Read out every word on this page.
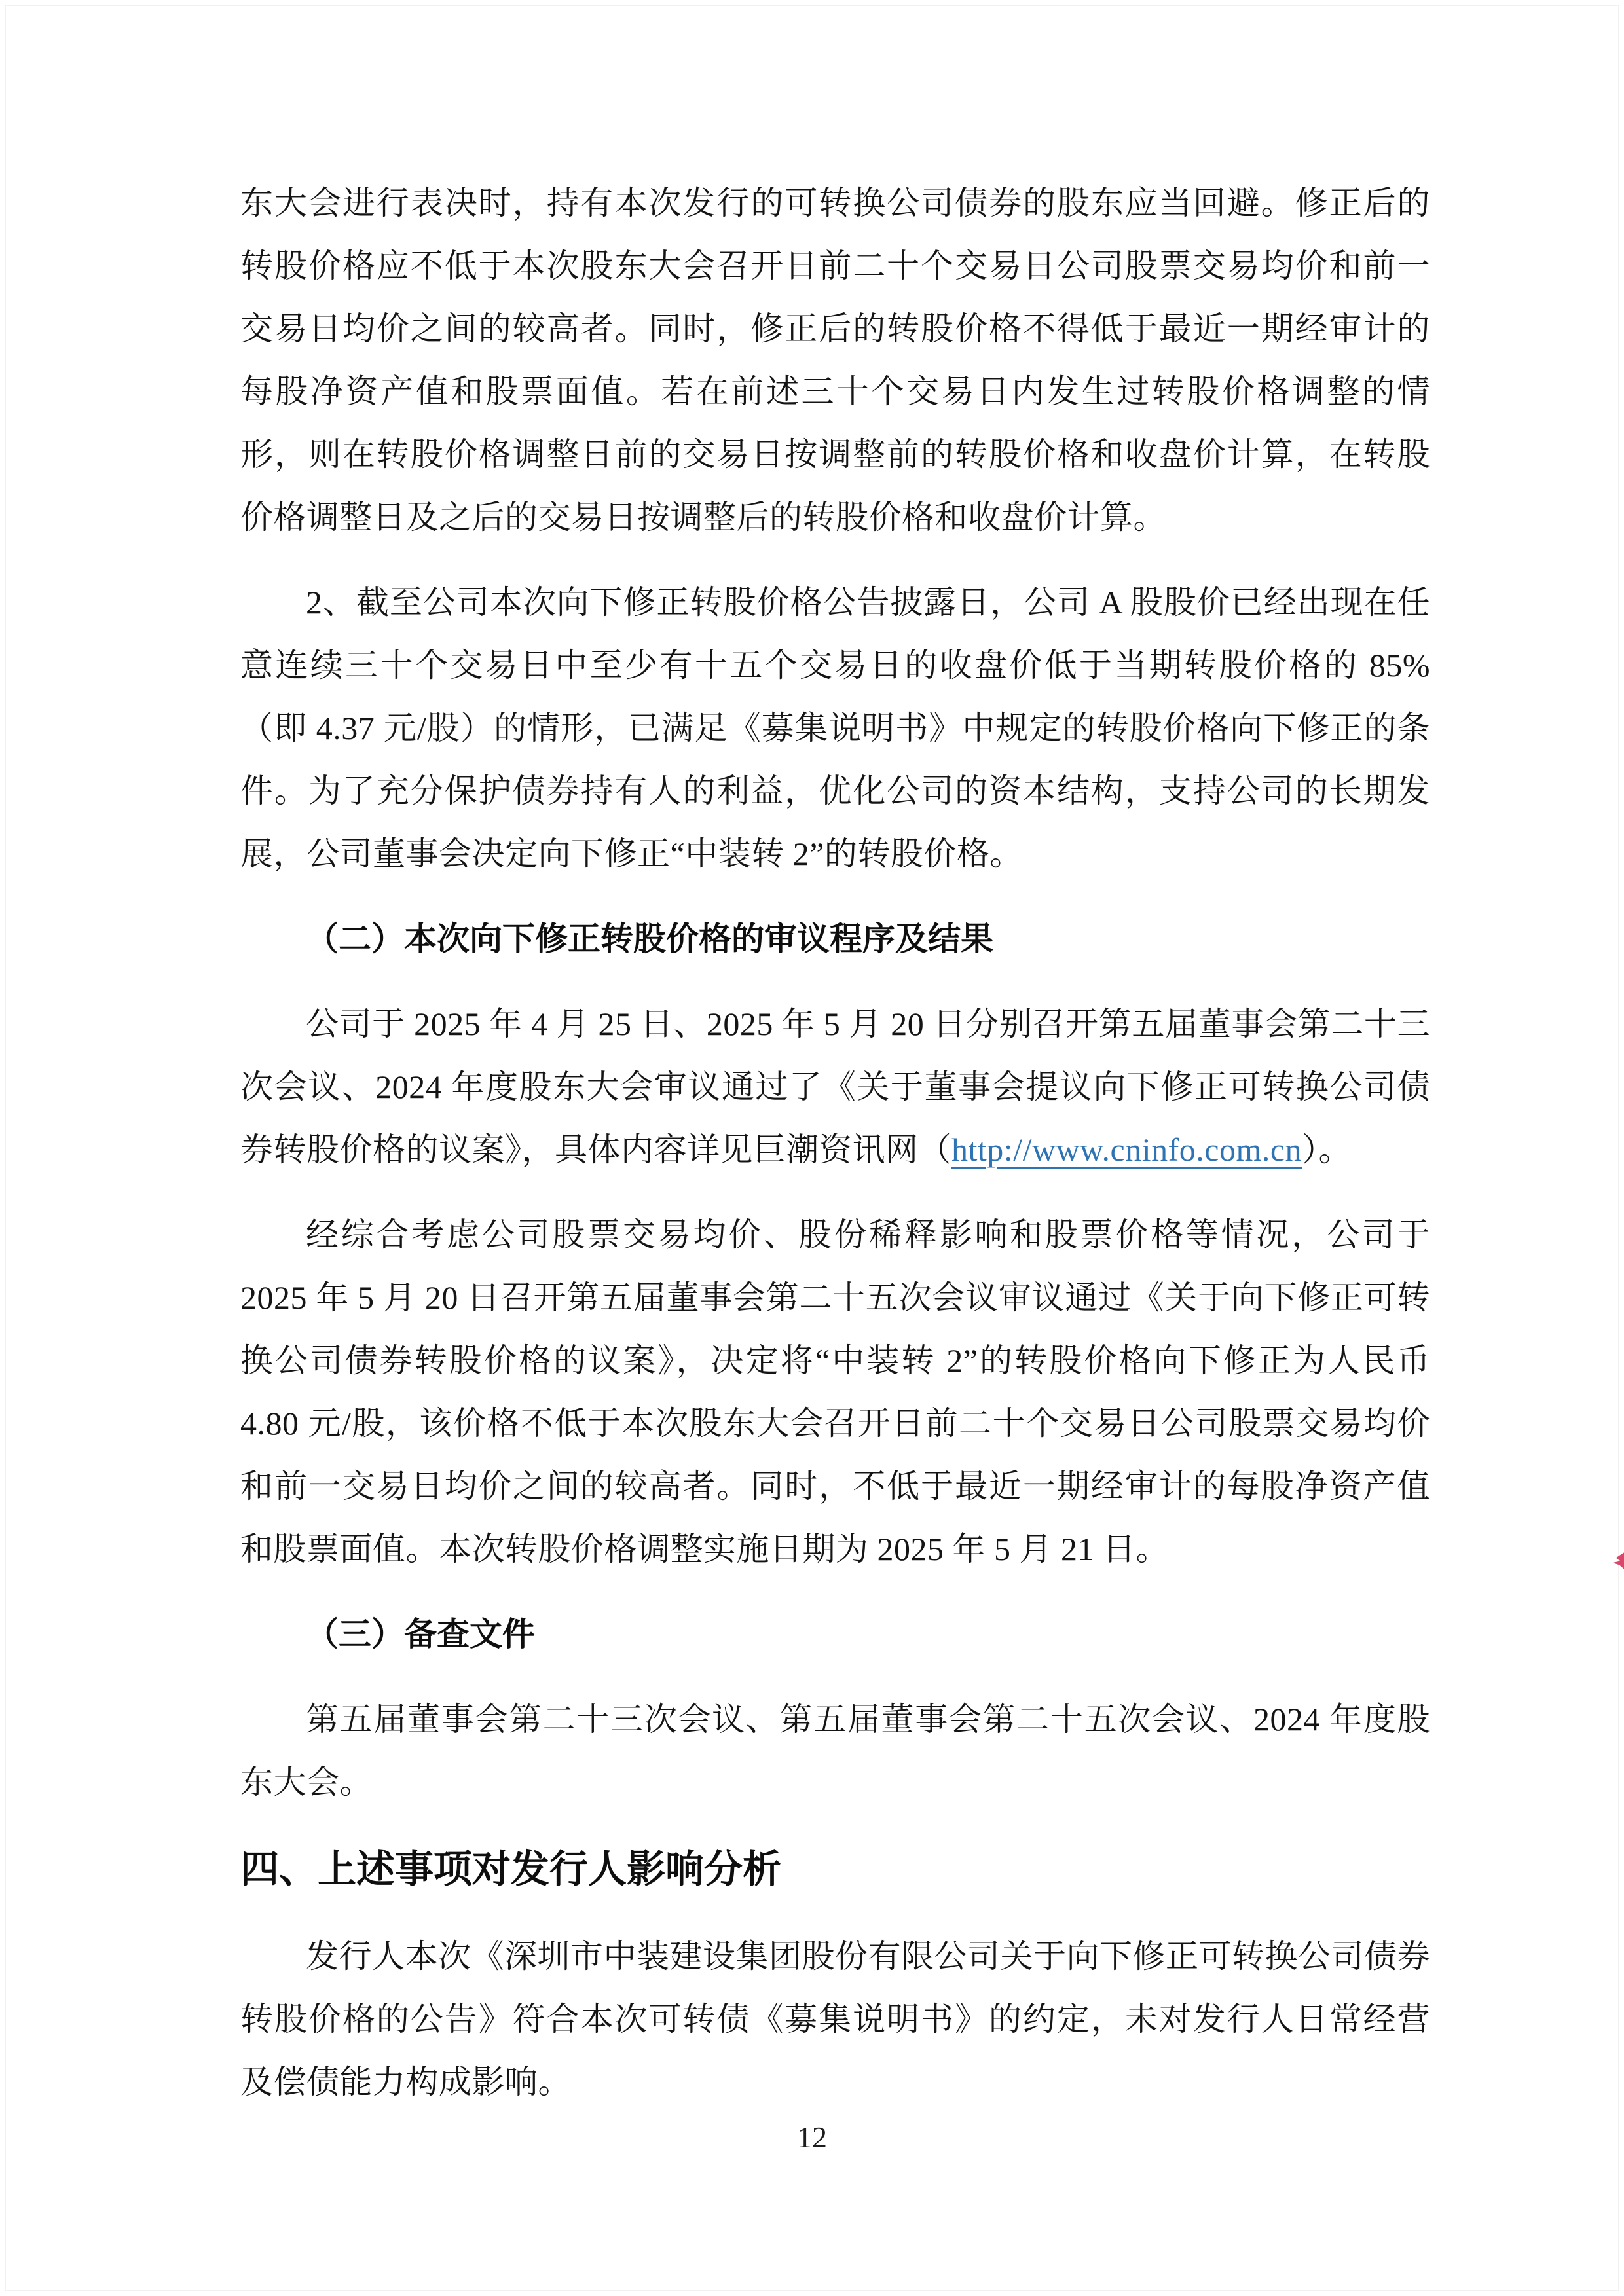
东大会进行表决时，持有本次发行的可转换公司债券的股东应当回避。修正后的转股价格应不低于本次股东大会召开日前二十个交易日公司股票交易均价和前一交易日均价之间的较高者。同时，修正后的转股价格不得低于最近一期经审计的每股净资产值和股票面值。若在前述三十个交易日内发生过转股价格调整的情形，则在转股价格调整日前的交易日按调整前的转股价格和收盘价计算，在转股价格调整日及之后的交易日按调整后的转股价格和收盘价计算。

2、截至公司本次向下修正转股价格公告披露日，公司 A 股股价已经出现在任意连续三十个交易日中至少有十五个交易日的收盘价低于当期转股价格的 85%（即 4.37 元/股）的情形，已满足《募集说明书》中规定的转股价格向下修正的条件。为了充分保护债券持有人的利益，优化公司的资本结构，支持公司的长期发展，公司董事会决定向下修正“中装转 2”的转股价格。

（二）本次向下修正转股价格的审议程序及结果

公司于 2025 年 4 月 25 日、2025 年 5 月 20 日分别召开第五届董事会第二十三次会议、2024 年度股东大会审议通过了《关于董事会提议向下修正可转换公司债券转股价格的议案》，具体内容详见巨潮资讯网（http://www.cninfo.com.cn）。

经综合考虑公司股票交易均价、股份稀释影响和股票价格等情况，公司于 2025 年 5 月 20 日召开第五届董事会第二十五次会议审议通过《关于向下修正可转换公司债券转股价格的议案》，决定将“中装转 2”的转股价格向下修正为人民币 4.80 元/股，该价格不低于本次股东大会召开日前二十个交易日公司股票交易均价和前一交易日均价之间的较高者。同时，不低于最近一期经审计的每股净资产值和股票面值。本次转股价格调整实施日期为 2025 年 5 月 21 日。

（三）备查文件

第五届董事会第二十三次会议、第五届董事会第二十五次会议、2024 年度股东大会。

四、上述事项对发行人影响分析

发行人本次《深圳市中装建设集团股份有限公司关于向下修正可转换公司债券转股价格的公告》符合本次可转债《募集说明书》的约定，未对发行人日常经营及偿债能力构成影响。

12
